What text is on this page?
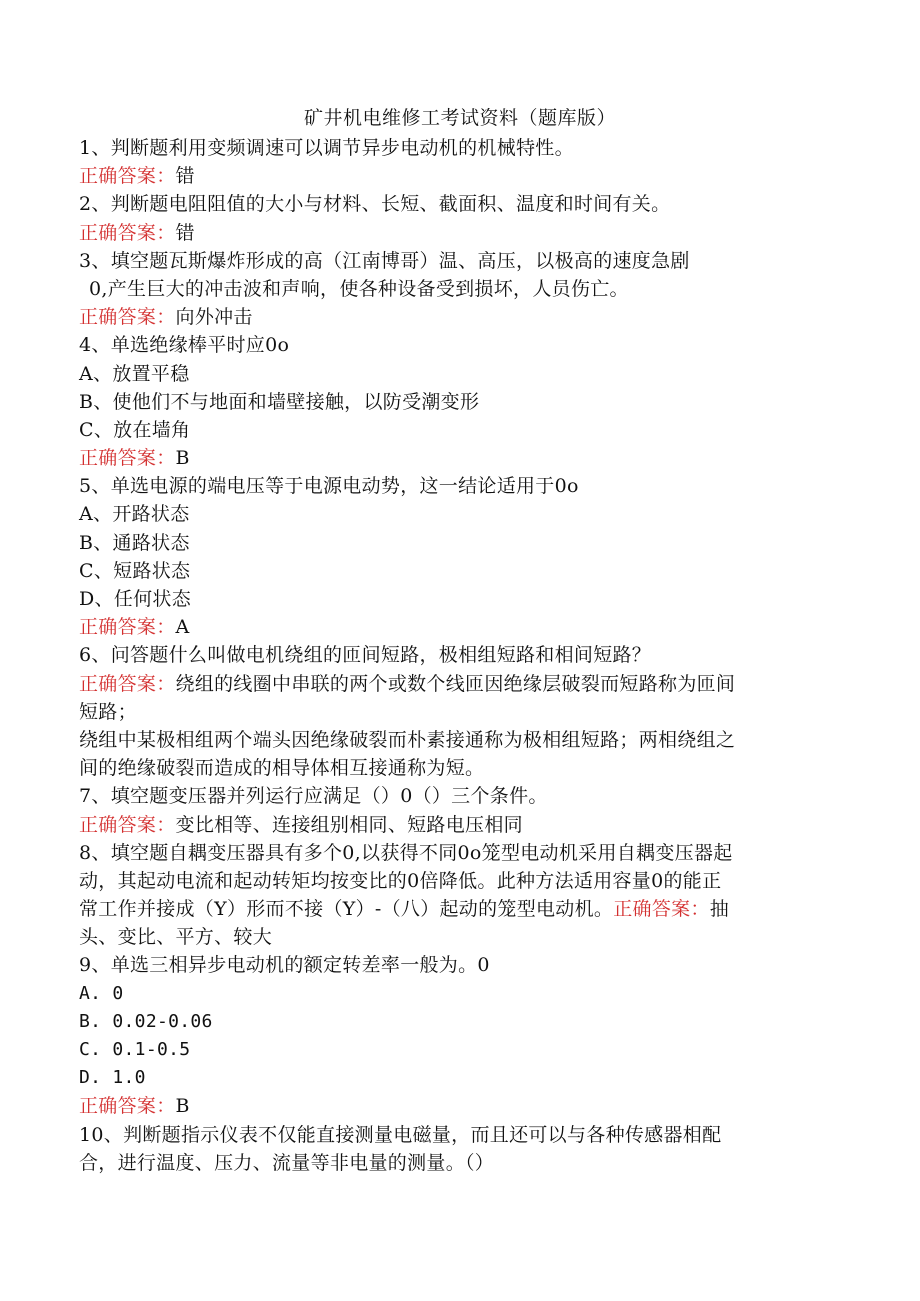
矿井机电维修工考试资料（题库版）
1、判断题利用变频调速可以调节异步电动机的机械特性。
正确答案：错
2、判断题电阻阻值的大小与材料、长短、截面积、温度和时间有关。
正确答案：错
3、填空题瓦斯爆炸形成的高（江南博哥）温、高压，以极高的速度急剧
0,产生巨大的冲击波和声响，使各种设备受到损坏，人员伤亡。
正确答案：向外冲击
4、单选绝缘棒平时应0o
A、放置平稳
B、使他们不与地面和墙壁接触，以防受潮变形
C、放在墙角
正确答案：B
5、单选电源的端电压等于电源电动势，这一结论适用于0o
A、开路状态
B、通路状态
C、短路状态
D、任何状态
正确答案：A
6、问答题什么叫做电机绕组的匝间短路，极相组短路和相间短路？
正确答案：绕组的线圈中串联的两个或数个线匝因绝缘层破裂而短路称为匝间
短路；
绕组中某极相组两个端头因绝缘破裂而朴素接通称为极相组短路；两相绕组之
间的绝缘破裂而造成的相导体相互接通称为短。
7、填空题变压器并列运行应满足（）0（）三个条件。
正确答案：变比相等、连接组别相同、短路电压相同
8、填空题自耦变压器具有多个0,以获得不同0o笼型电动机采用自耦变压器起
动，其起动电流和起动转矩均按变比的0倍降低。此种方法适用容量0的能正
常工作并接成（Y）形而不接（Y）-（八）起动的笼型电动机。正确答案：抽
头、变比、平方、较大
9、单选三相异步电动机的额定转差率一般为。0
A. 0
B. 0.02-0.06
C. 0.1-0.5
D. 1.0
正确答案：B
10、判断题指示仪表不仅能直接测量电磁量，而且还可以与各种传感器相配
合，进行温度、压力、流量等非电量的测量。（）
